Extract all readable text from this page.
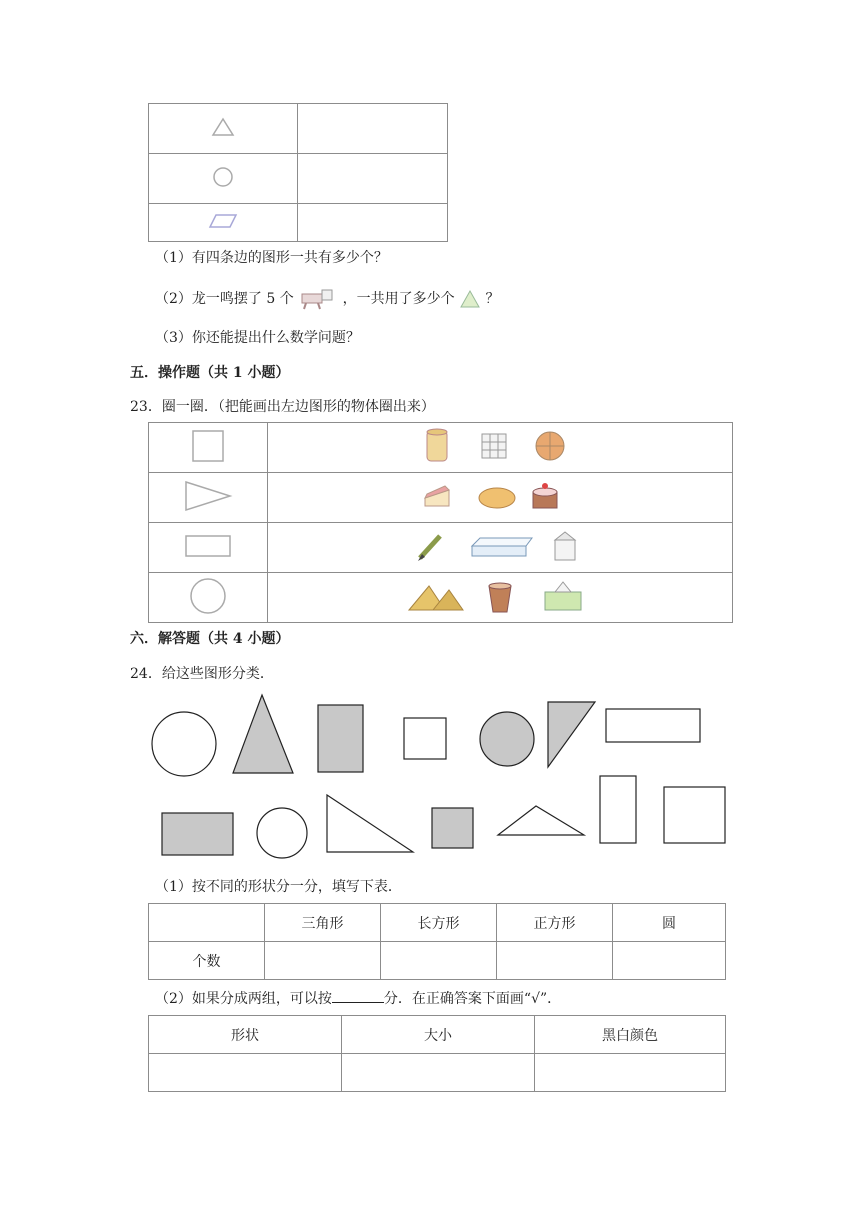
（1）有四条边的图形一共有多少个？
（2）龙一鸣摆了 5 个	，一共用了多少个 ？
（3）你还能提出什么数学问题？
五．操作题（共 1 小题）
23．圈一圈．（把能画出左边图形的物体圈出来）

六．解答题（共 4 小题）
24．给这些图形分类．
（1）按不同的形状分一分，填写下表．
	三角形	长方形	正方形	圆
个数				
（2）如果分成两组，可以按	分．在正确答案下面画“√”．
形状	大小	黑白颜色
